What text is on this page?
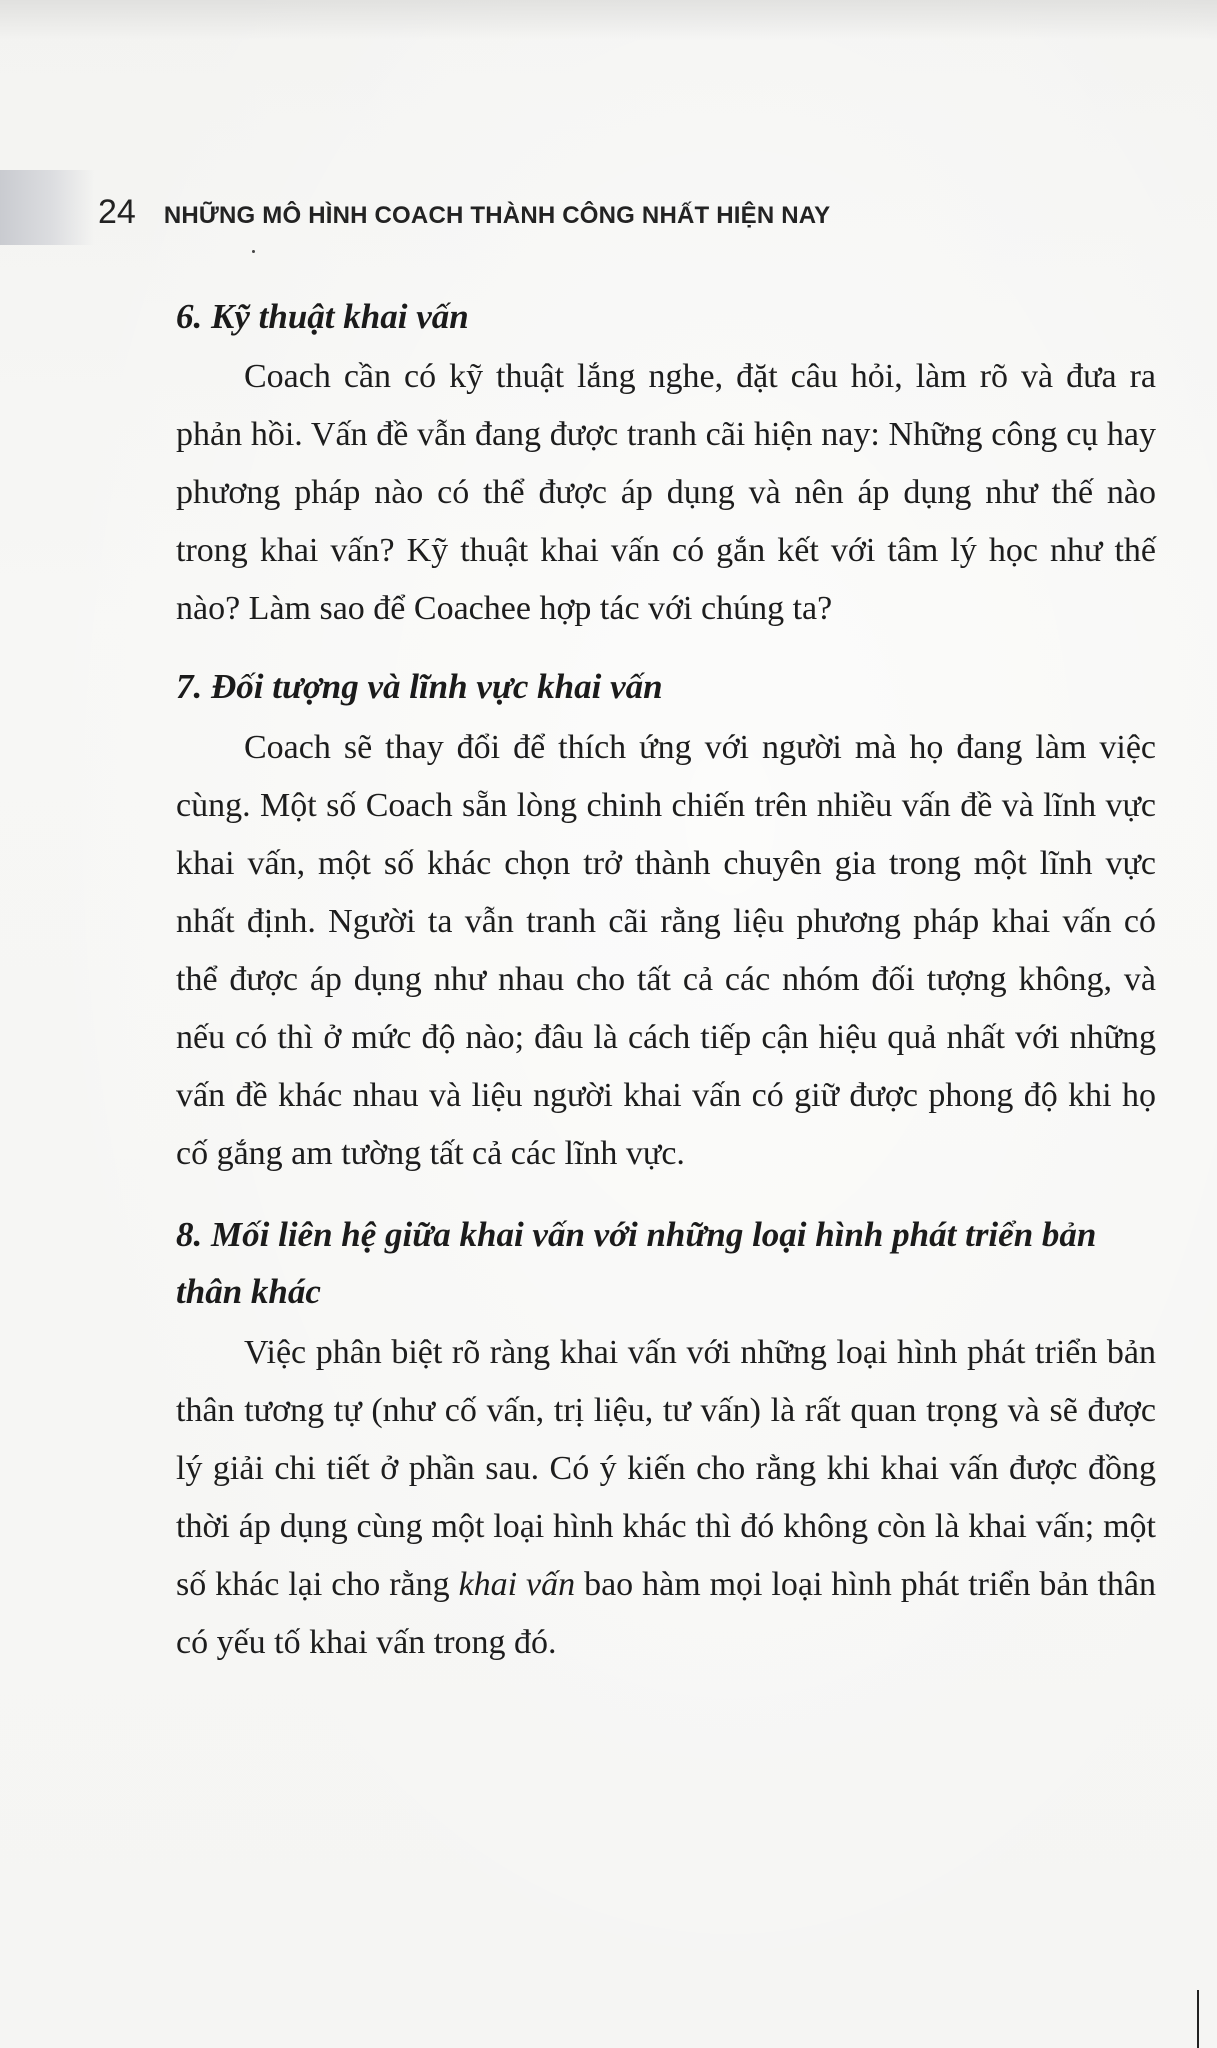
24 NHỮNG MÔ HÌNH COACH THÀNH CÔNG NHẤT HIỆN NAY
6. Kỹ thuật khai vấn

Coach cần có kỹ thuật lắng nghe, đặt câu hỏi, làm rõ và đưa ra phản hồi. Vấn đề vẫn đang được tranh cãi hiện nay: Những công cụ hay phương pháp nào có thể được áp dụng và nên áp dụng như thế nào trong khai vấn? Kỹ thuật khai vấn có gắn kết với tâm lý học như thế nào? Làm sao để Coachee hợp tác với chúng ta?

7. Đối tượng và lĩnh vực khai vấn

Coach sẽ thay đổi để thích ứng với người mà họ đang làm việc cùng. Một số Coach sẵn lòng chinh chiến trên nhiều vấn đề và lĩnh vực khai vấn, một số khác chọn trở thành chuyên gia trong một lĩnh vực nhất định. Người ta vẫn tranh cãi rằng liệu phương pháp khai vấn có thể được áp dụng như nhau cho tất cả các nhóm đối tượng không, và nếu có thì ở mức độ nào; đâu là cách tiếp cận hiệu quả nhất với những vấn đề khác nhau và liệu người khai vấn có giữ được phong độ khi họ cố gắng am tường tất cả các lĩnh vực.

8. Mối liên hệ giữa khai vấn với những loại hình phát triển bản thân khác

Việc phân biệt rõ ràng khai vấn với những loại hình phát triển bản thân tương tự (như cố vấn, trị liệu, tư vấn) là rất quan trọng và sẽ được lý giải chi tiết ở phần sau. Có ý kiến cho rằng khi khai vấn được đồng thời áp dụng cùng một loại hình khác thì đó không còn là khai vấn; một số khác lại cho rằng khai vấn bao hàm mọi loại hình phát triển bản thân có yếu tố khai vấn trong đó.
